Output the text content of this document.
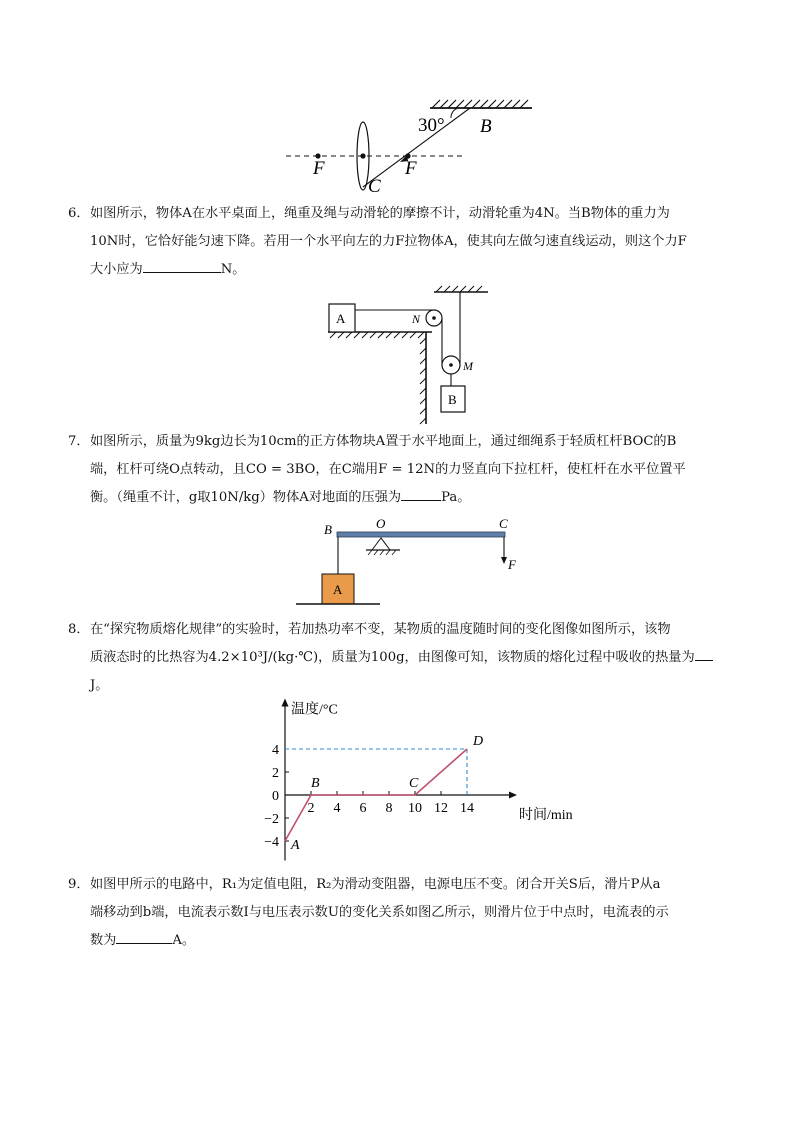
30° B
F	F
C

6．如图所示，物体A在水平桌面上，绳重及绳与动滑轮的摩擦不计，动滑轮重为4N。当B物体的重力为

10N时，它恰好能匀速下降。若用一个水平向左的力F拉物体A，使其向左做匀速直线运动，则这个力F

大小应为	N。

A	N
M
B

7．如图所示，质量为9kg边长为10cm的正方体物块A置于水平地面上，通过细绳系于轻质杠杆BOC的B

端，杠杆可绕O点转动，且CO = 3BO，在C端用F = 12N的力竖直向下拉杠杆，使杠杆在水平位置平

衡。（绳重不计，g取10N/kg）物体A对地面的压强为	Pa。

B	O	C
A
F

8．在“探究物质熔化规律”的实验时，若加热功率不变，某物质的温度随时间的变化图像如图所示，该物

质液态时的比热容为4.2×10³J/(kg·℃)，质量为100g，由图像可知，该物质的熔化过程中吸收的热量为

J。

温度/°C
时间/min
2 4 6 8 10 12 14
−4
−2
0
2
4
A
B	C
D

9．如图甲所示的电路中，R₁为定值电阻，R₂为滑动变阻器，电源电压不变。闭合开关S后，滑片P从a

端移动到b端，电流表示数I与电压表示数U的变化关系如图乙所示，则滑片位于中点时，电流表的示

数为	A。
